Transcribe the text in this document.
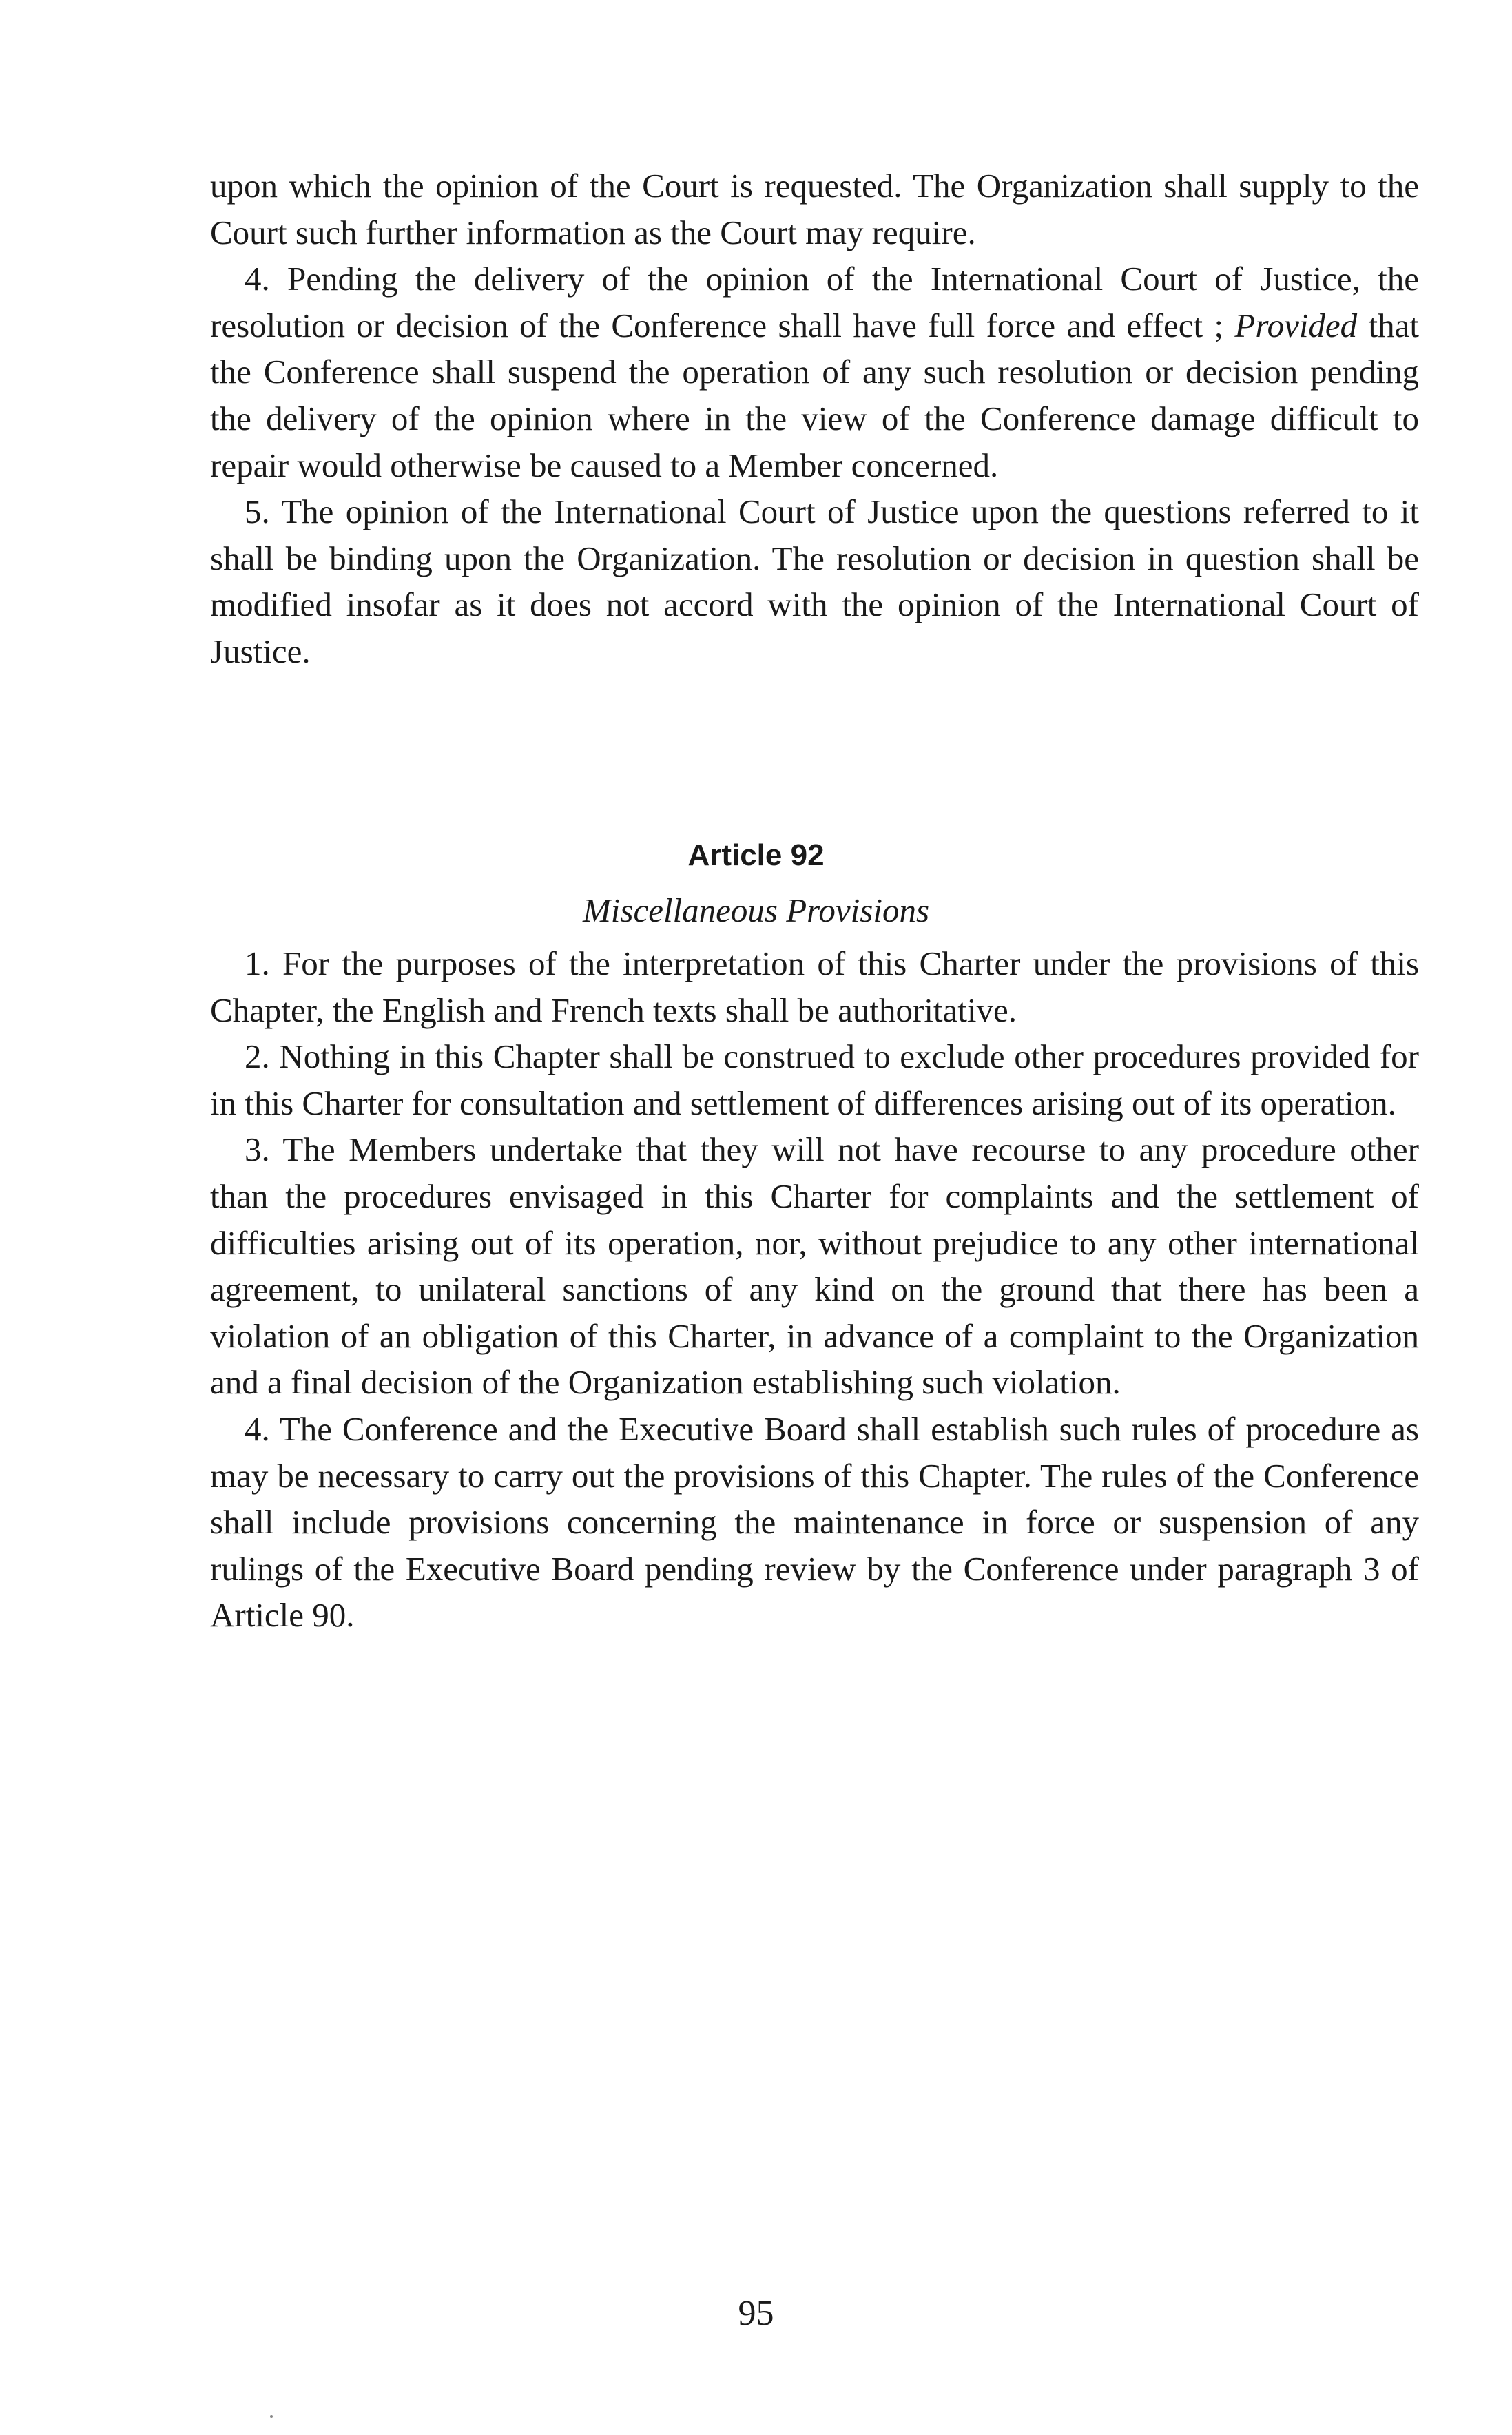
upon which the opinion of the Court is requested. The Organization shall supply to the Court such further information as the Court may require.

4. Pending the delivery of the opinion of the International Court of Justice, the resolution or decision of the Conference shall have full force and effect ; Provided that the Conference shall suspend the operation of any such resolution or decision pending the delivery of the opinion where in the view of the Conference damage difficult to repair would otherwise be caused to a Member concerned.

5. The opinion of the International Court of Justice upon the questions referred to it shall be binding upon the Organization. The resolution or decision in question shall be modified insofar as it does not accord with the opinion of the International Court of Justice.

Article 92
Miscellaneous Provisions

1. For the purposes of the interpretation of this Charter under the provisions of this Chapter, the English and French texts shall be authoritative.

2. Nothing in this Chapter shall be construed to exclude other procedures provided for in this Charter for consultation and settlement of differences arising out of its operation.

3. The Members undertake that they will not have recourse to any procedure other than the procedures envisaged in this Charter for complaints and the settlement of difficulties arising out of its operation, nor, without prejudice to any other international agreement, to unilateral sanctions of any kind on the ground that there has been a violation of an obligation of this Charter, in advance of a complaint to the Organization and a final decision of the Organization establishing such violation.

4. The Conference and the Executive Board shall establish such rules of procedure as may be necessary to carry out the provisions of this Chapter. The rules of the Conference shall include provisions concerning the maintenance in force or suspension of any rulings of the Executive Board pending review by the Conference under paragraph 3 of Article 90.

95
